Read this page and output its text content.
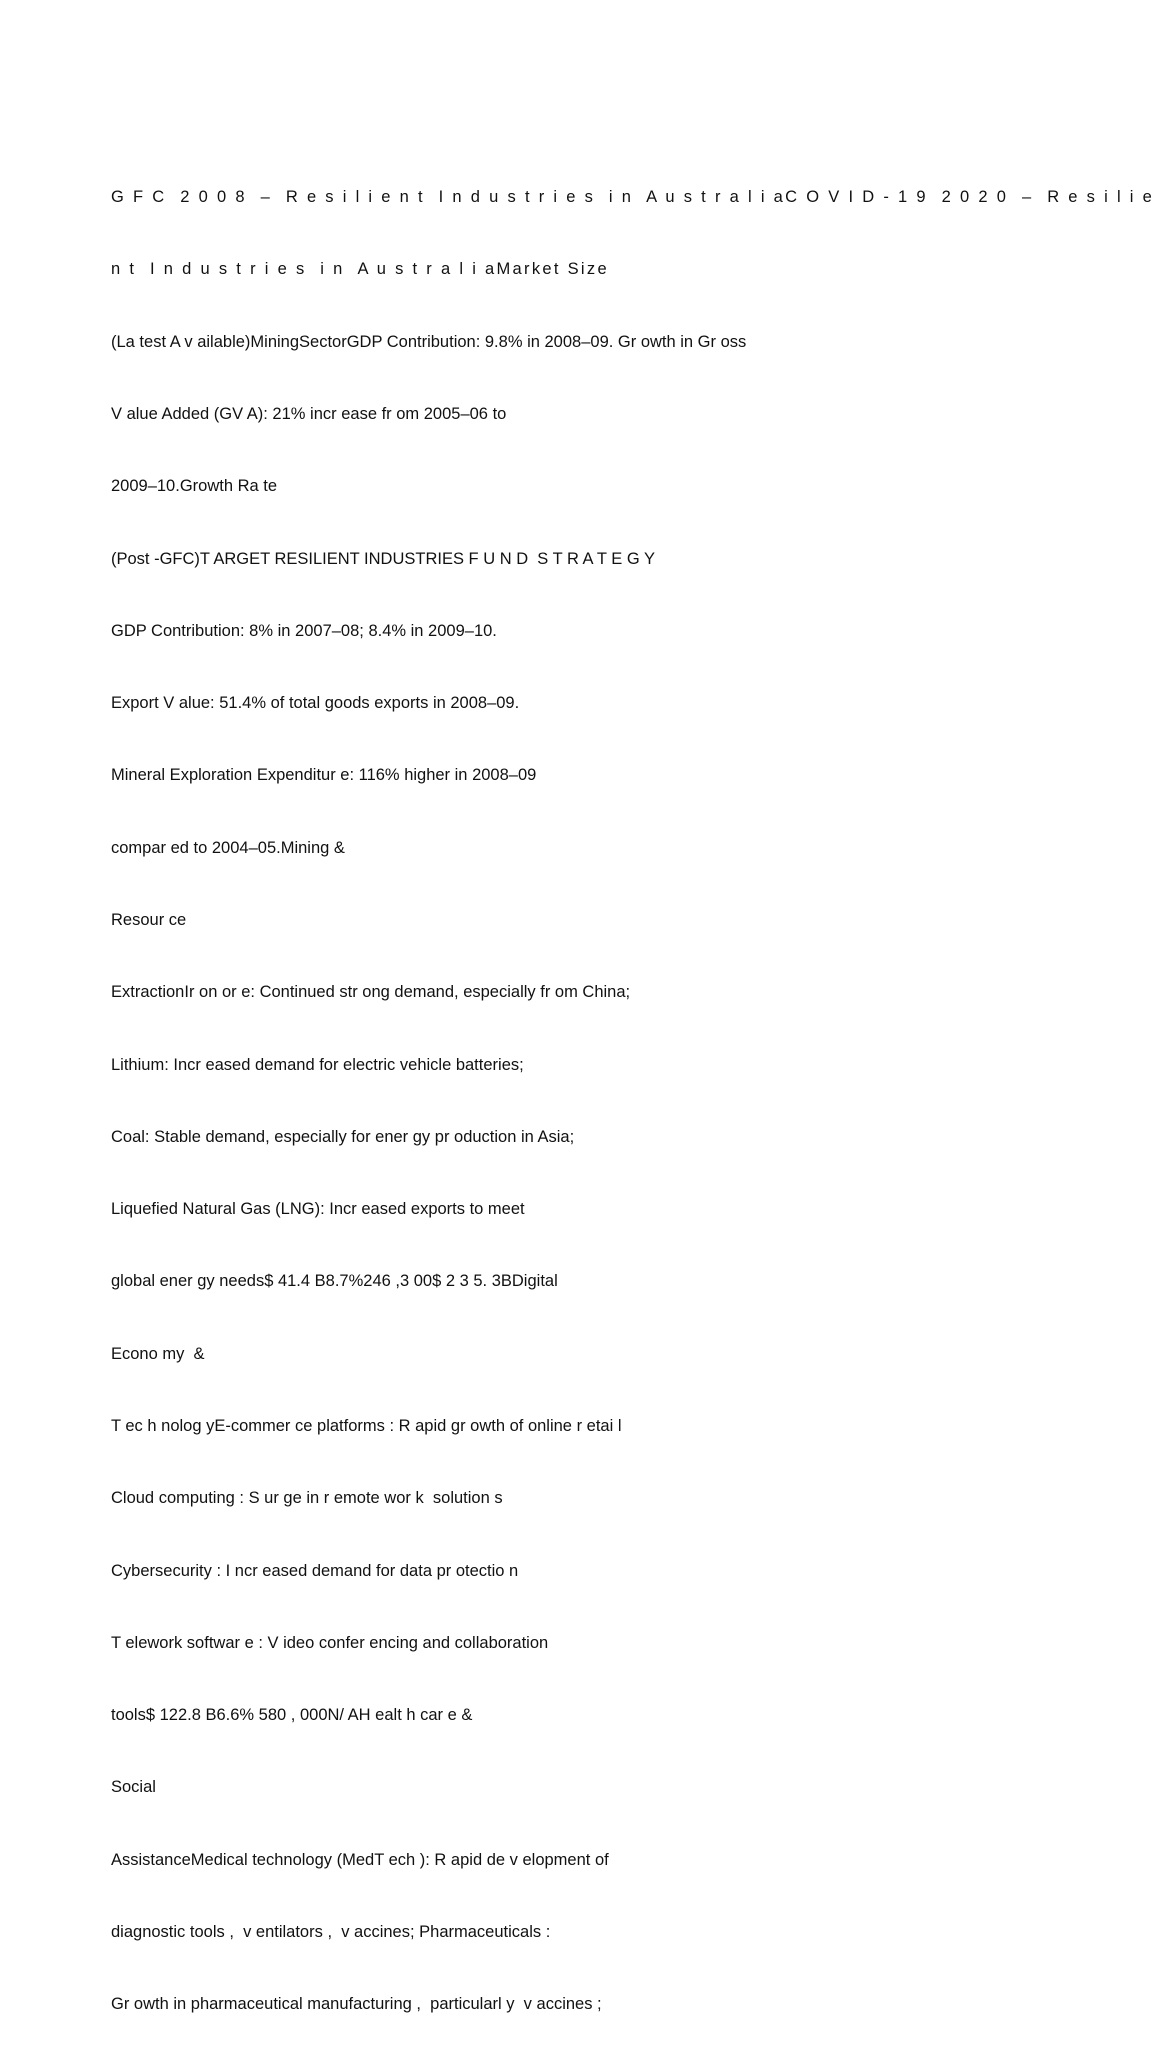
G F C  2 0 0 8  –  R e s i l i e n t  I n d u s t r i e s  i n  A u s t r a l i aC O V I D - 1 9  2 0 2 0  –  R e s i l i e

n t  I n d u s t r i e s  i n  A u s t r a l i aMarket Size

(La test A v ailable)MiningSectorGDP Contribution: 9.8% in 2008–09. Gr owth in Gr oss

V alue Added (GV A): 21% incr ease fr om 2005–06 to

2009–10.Growth Ra te

(Post -GFC)T ARGET RESILIENT INDUSTRIES F U N D  S T R A T E G Y

GDP Contribution: 8% in 2007–08; 8.4% in 2009–10.

Export V alue: 51.4% of total goods exports in 2008–09.

Mineral Exploration Expenditur e: 116% higher in 2008–09

compar ed to 2004–05.Mining &

Resour ce

ExtractionIr on or e: Continued str ong demand, especially fr om China;

Lithium: Incr eased demand for electric vehicle batteries;

Coal: Stable demand, especially for ener gy pr oduction in Asia;

Liquefied Natural Gas (LNG): Incr eased exports to meet

global ener gy needs$ 41.4 B8.7%246 ,3 00$ 2 3 5. 3BDigital

Econo my  &

T ec h nolog yE-commer ce platforms : R apid gr owth of online r etai l

Cloud computing : S ur ge in r emote wor k  solution s

Cybersecurity : I ncr eased demand for data pr otectio n

T elework softwar e : V ideo confer encing and collaboration

tools$ 122.8 B6.6% 580 , 000N/ AH ealt h car e &

Social

AssistanceMedical technology (MedT ech ): R apid de v elopment of

diagnostic tools ,  v entilators ,  v accines; Pharmaceuticals :

Gr owth in pharmaceutical manufacturing ,  particularl y  v accines ;
